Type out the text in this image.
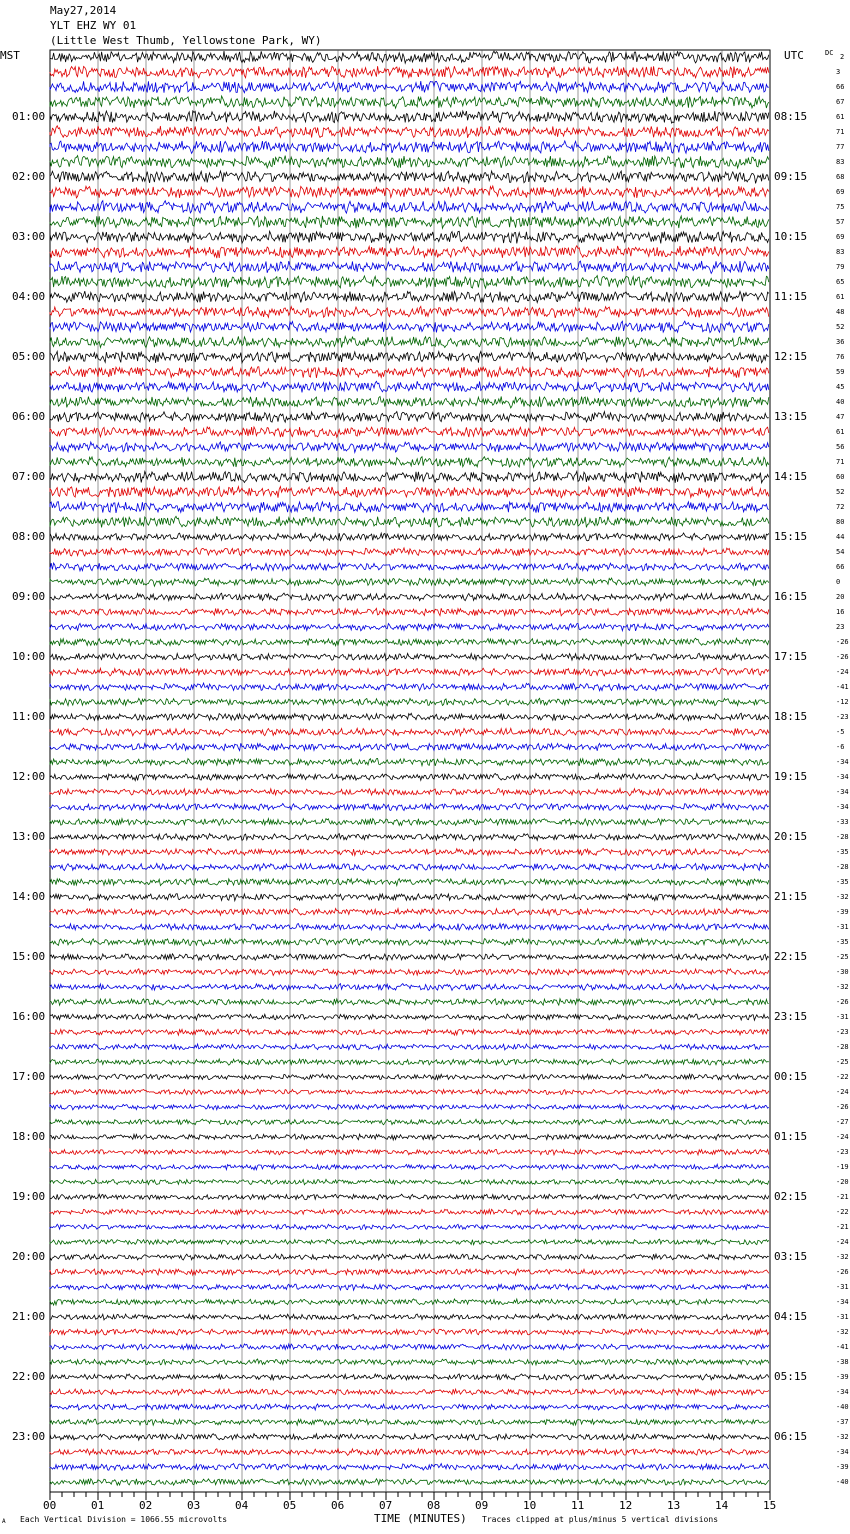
May27,2014
YLT EHZ WY 01
(Little West Thumb, Yellowstone Park, WY)
MST	UTC	DC 2
3
66
67
61
71
77
83
68
69
75
57
69
83
79
65
61
48
52
36
76
59
45
40
47
61
56
71
60
52
72
80
44
54
66
0
20
16
23
-26
-26
-24
-41
-12
-23
-5
-6
-34
-34
-34
-34
-33
-28
-35
-28
-35
-32
-39
-31
-35
-25
-30
-32
-26
-31
-23
-28
-25
-22
-24
-26
-27
-24
-23
-19
-20
-21
-22
-21
-24
-32
-26
-31
-34
-31
-32
-41
-38
-39
-34
-40
-37
-32
-34
-39
-40
01:00
02:00
03:00
04:00
05:00
06:00
07:00
08:00
09:00
10:00
11:00
12:00
13:00
14:00
15:00
16:00
17:00
18:00
19:00
20:00
21:00
22:00
23:00
08:15
09:15
10:15
11:15
12:15
13:15
14:15
15:15
16:15
17:15
18:15
19:15
20:15
21:15
22:15
23:15
00:15
01:15
02:15
03:15
04:15
05:15
06:15
00	01	02	03	04	05	06	07	08	09	10	11	12	13	14	15
A Each Vertical Division = 1066.55 microvolts	TIME (MINUTES) Traces clipped at plus/minus 5 vertical divisions
